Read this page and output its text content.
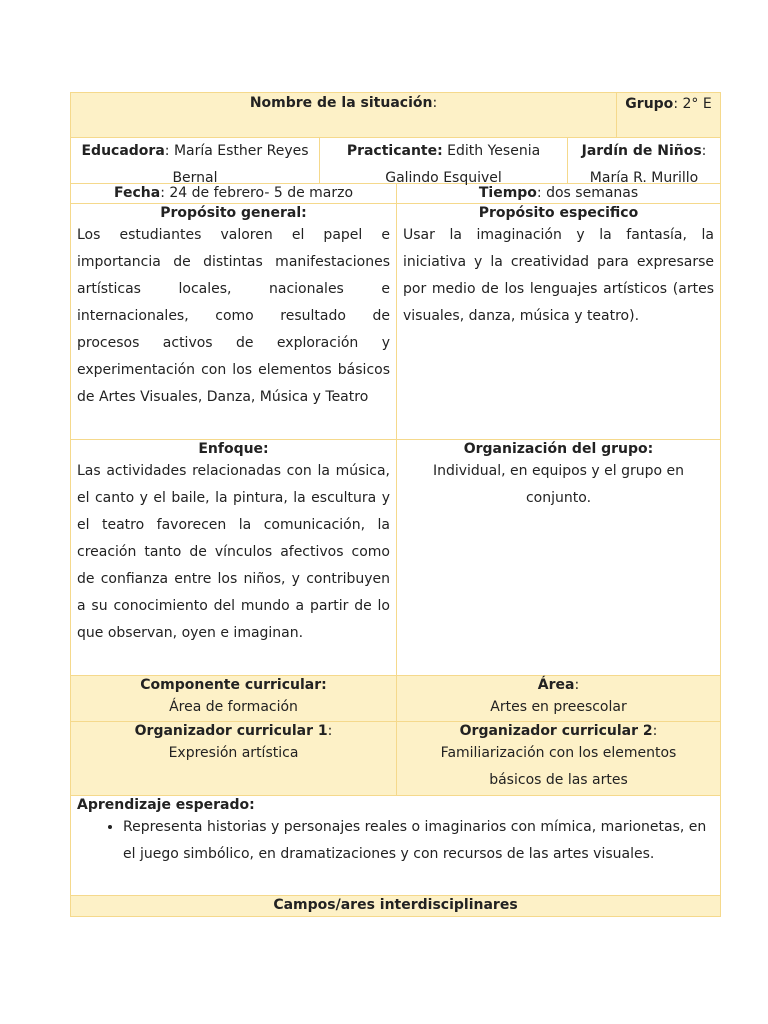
Nombre de la situación:	Grupo: 2° E
Educadora: María Esther Reyes Bernal
Practicante: Edith Yesenia Galindo Esquivel
Jardín de Niños: María R. Murillo
Fecha: 24 de febrero- 5 de marzo	Tiempo: dos semanas
Propósito general:
Los estudiantes valoren el papel e importancia de distintas manifestaciones artísticas locales, nacionales e internacionales, como resultado de procesos activos de exploración y experimentación con los elementos básicos de Artes Visuales, Danza, Música y Teatro
Propósito especifico
Usar la imaginación y la fantasía, la iniciativa y la creatividad para expresarse por medio de los lenguajes artísticos (artes visuales, danza, música y teatro).
Enfoque:
Las actividades relacionadas con la música, el canto y el baile, la pintura, la escultura y el teatro favorecen la comunicación, la creación tanto de vínculos afectivos como de confianza entre los niños, y contribuyen a su conocimiento del mundo a partir de lo que observan, oyen e imaginan.
Organización del grupo:
Individual, en equipos y el grupo en conjunto.
Componente curricular:
Área de formación
Área:
Artes en preescolar
Organizador curricular 1:
Expresión artística
Organizador curricular 2:
Familiarización con los elementos básicos de las artes
Aprendizaje esperado:
• Representa historias y personajes reales o imaginarios con mímica, marionetas, en el juego simbólico, en dramatizaciones y con recursos de las artes visuales.
Campos/ares interdisciplinares
